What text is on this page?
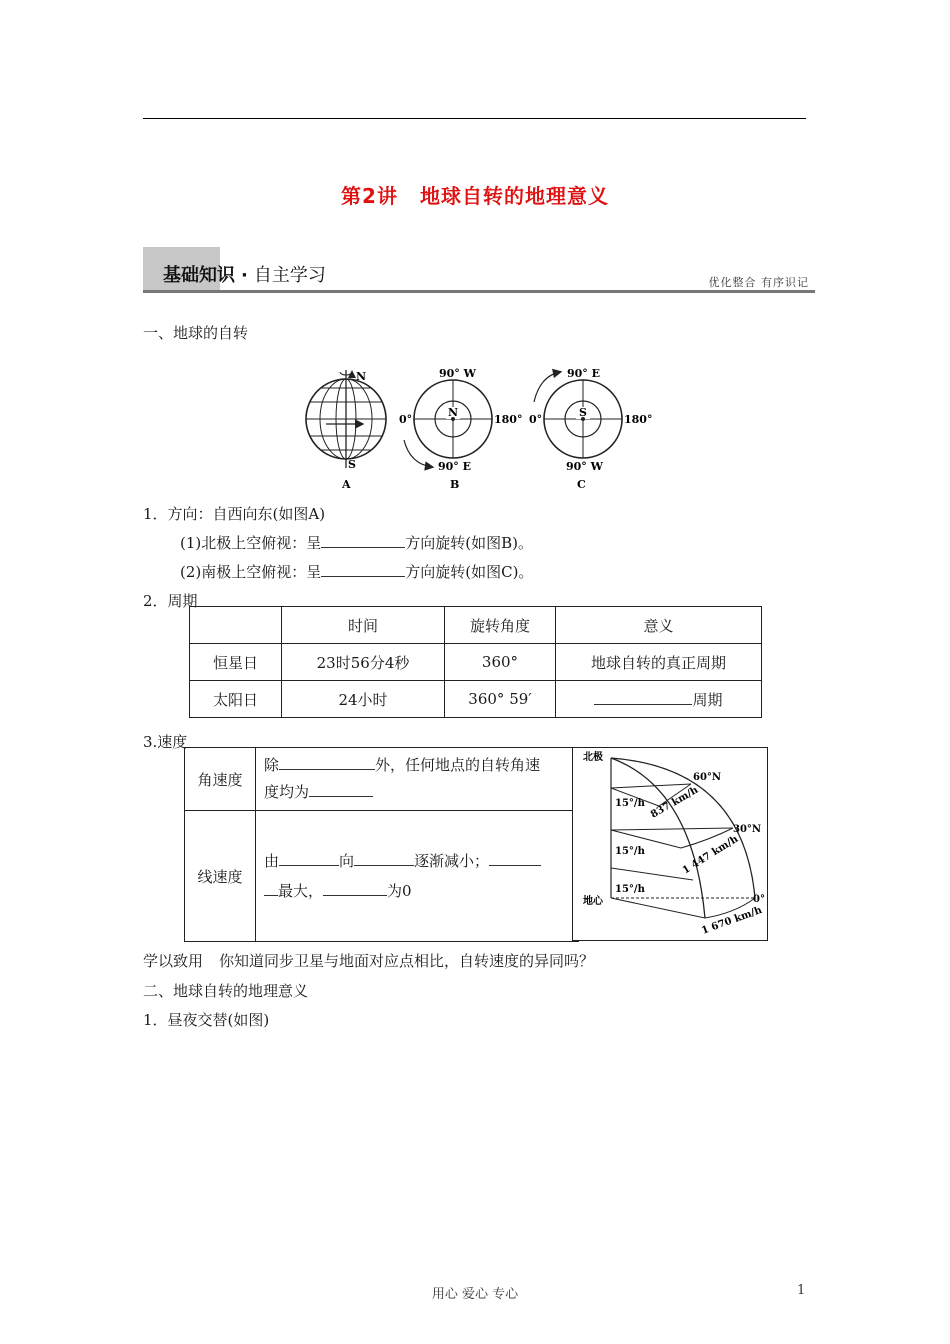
第2讲 地球自转的地理意义
基础知识 · 自主学习	优化整合 有序识记
一、地球的自转
N
S
A
90° W
0°
N
180°
90° E
B
90° E
0°
S
180°
90° W
C
1．方向：自西向东(如图A)
(1)北极上空俯视：呈	方向旋转(如图B)。
(2)南极上空俯视：呈	方向旋转(如图C)。
2．周期
	时间	旋转角度	意义
恒星日	23时56分4秒	360°	地球自转的真正周期
太阳日	24小时	360° 59′	周期
3.速度
角速度	除 外，任何地点的自转角速
度均为
线速度	由 向 逐渐减小；
最大， 为0
北极
地心
60°N
30°N
0°
15°/h
15°/h
15°/h
837 km/h
1 447 km/h
1 670 km/h
学以致用 你知道同步卫星与地面对应点相比，自转速度的异同吗？
二、地球自转的地理意义
1．昼夜交替(如图)
用心 爱心 专心	1
